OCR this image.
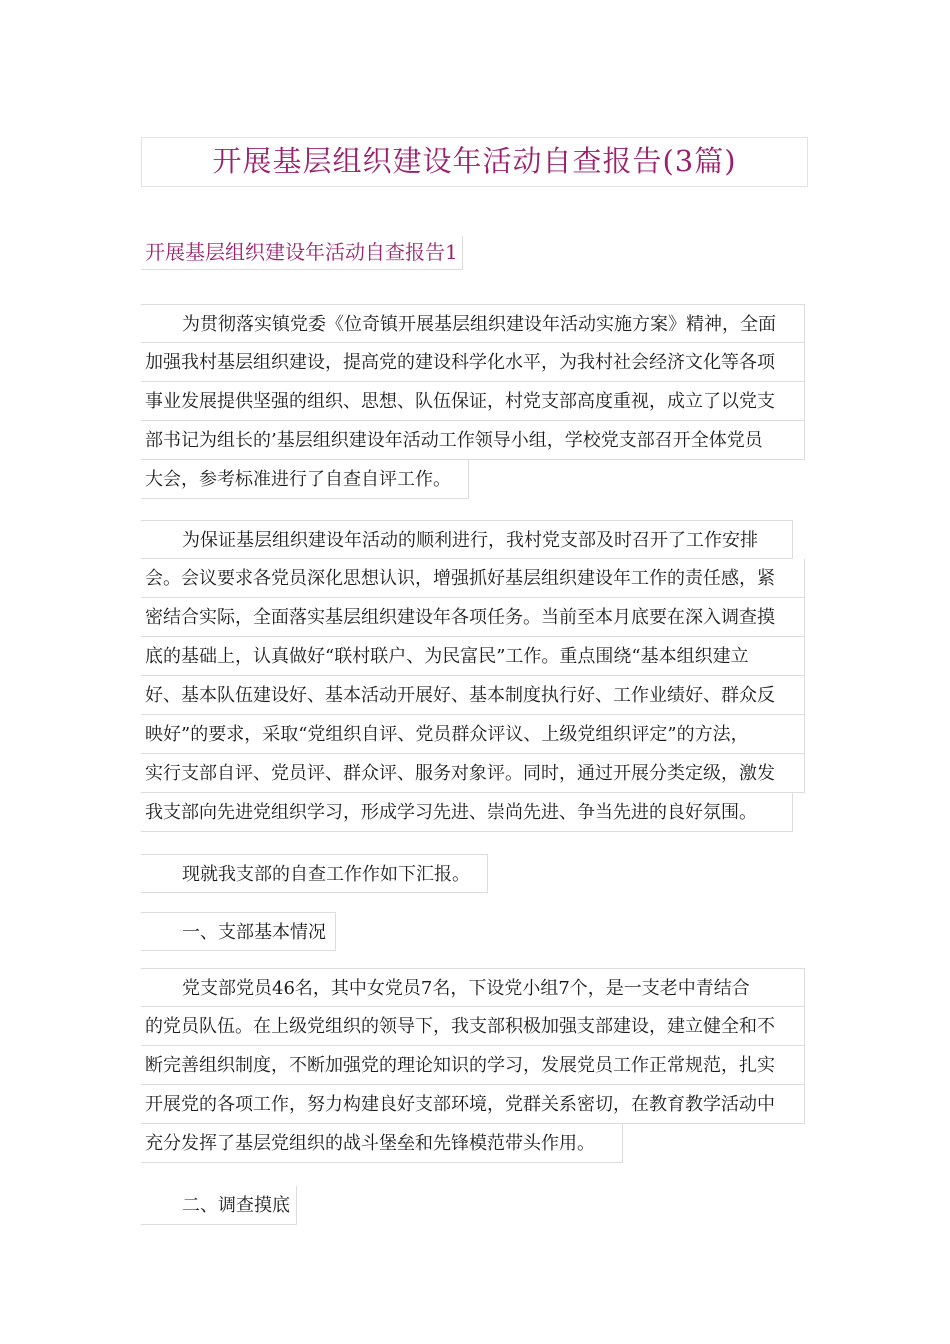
开展基层组织建设年活动自查报告(3篇)
开展基层组织建设年活动自查报告1
为贯彻落实镇党委《位奇镇开展基层组织建设年活动实施方案》精神，全面
加强我村基层组织建设，提高党的建设科学化水平，为我村社会经济文化等各项
事业发展提供坚强的组织、思想、队伍保证，村党支部高度重视，成立了以党支
部书记为组长的’基层组织建设年活动工作领导小组，学校党支部召开全体党员
大会，参考标准进行了自查自评工作。
为保证基层组织建设年活动的顺利进行，我村党支部及时召开了工作安排
会。会议要求各党员深化思想认识，增强抓好基层组织建设年工作的责任感，紧
密结合实际，全面落实基层组织建设年各项任务。当前至本月底要在深入调查摸
底的基础上，认真做好“联村联户、为民富民”工作。重点围绕“基本组织建立
好、基本队伍建设好、基本活动开展好、基本制度执行好、工作业绩好、群众反
映好”的要求，采取“党组织自评、党员群众评议、上级党组织评定”的方法，
实行支部自评、党员评、群众评、服务对象评。同时，通过开展分类定级，激发
我支部向先进党组织学习，形成学习先进、崇尚先进、争当先进的良好氛围。
现就我支部的自查工作作如下汇报。
一、支部基本情况
党支部党员46名，其中女党员7名，下设党小组7个，是一支老中青结合
的党员队伍。在上级党组织的领导下，我支部积极加强支部建设，建立健全和不
断完善组织制度，不断加强党的理论知识的学习，发展党员工作正常规范，扎实
开展党的各项工作，努力构建良好支部环境，党群关系密切，在教育教学活动中
充分发挥了基层党组织的战斗堡垒和先锋模范带头作用。
二、调查摸底
